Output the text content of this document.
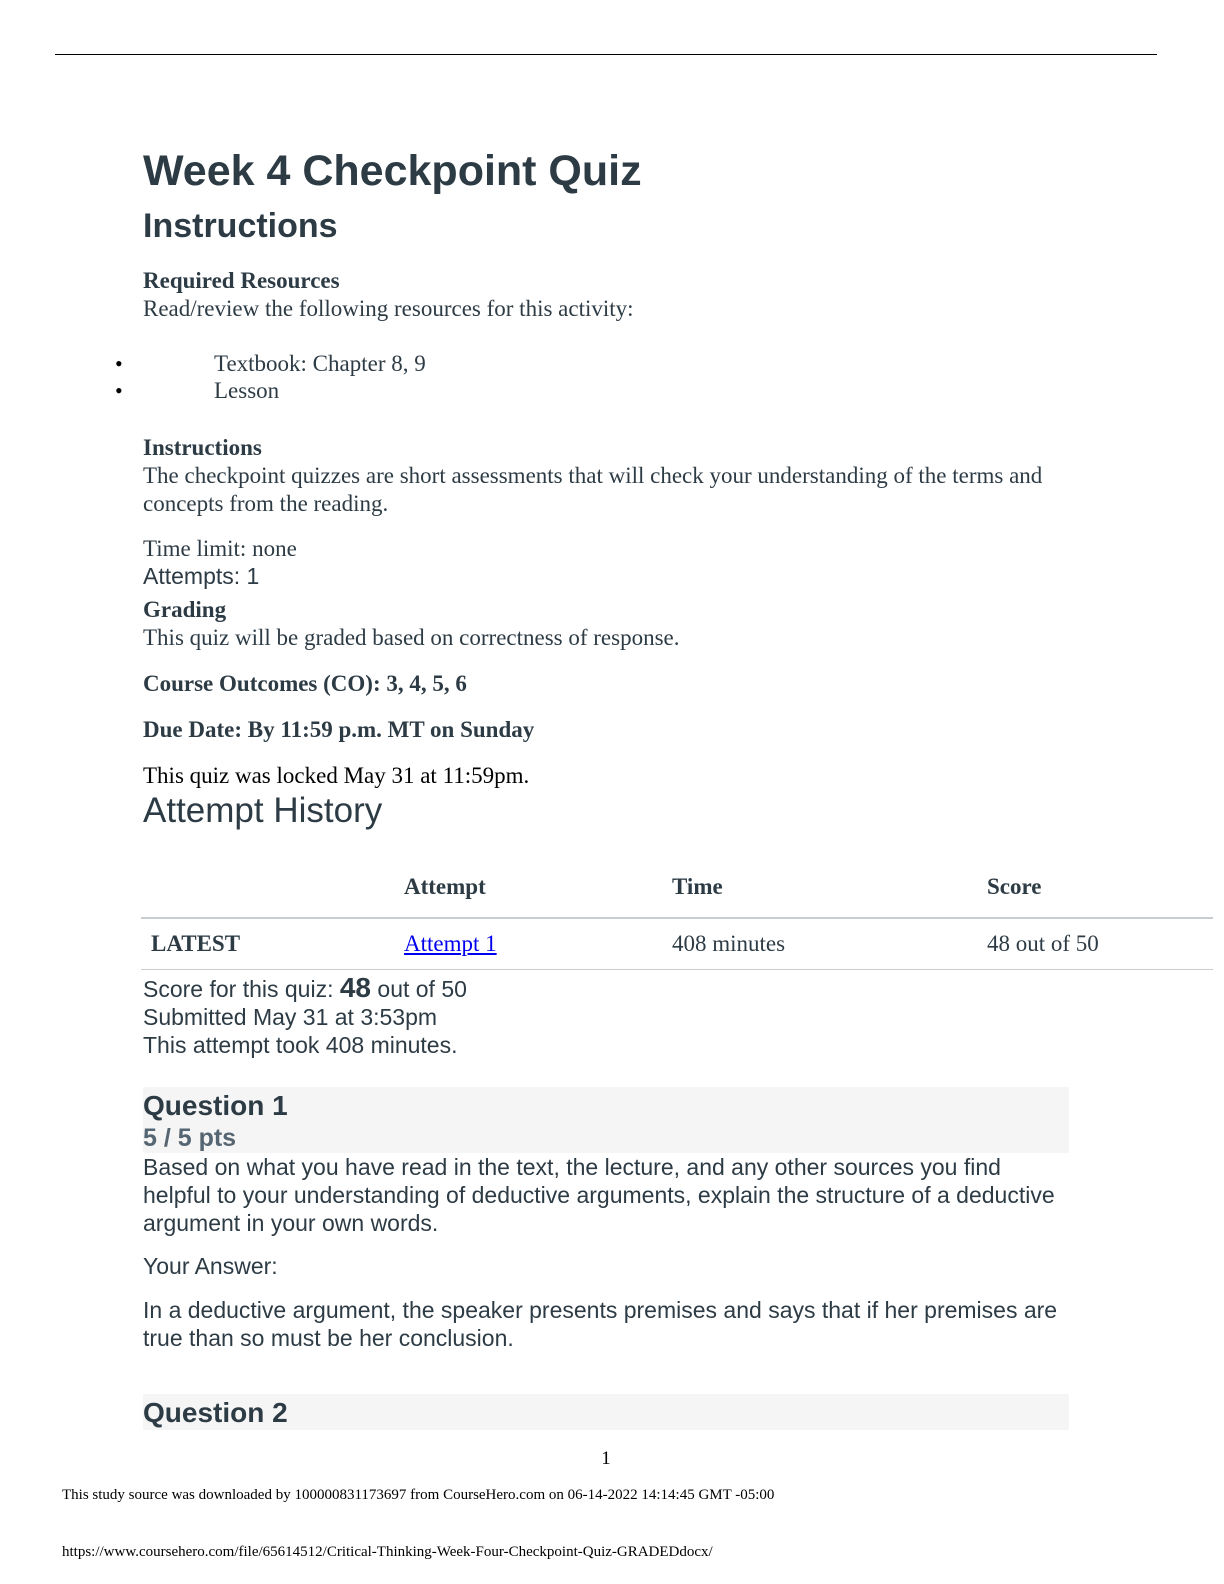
Week 4 Checkpoint Quiz
Instructions
Required Resources
Read/review the following resources for this activity:
•	Textbook: Chapter 8, 9
•	Lesson
Instructions
The checkpoint quizzes are short assessments that will check your understanding of the terms and concepts from the reading.
Time limit: none
Attempts: 1
Grading
This quiz will be graded based on correctness of response.
Course Outcomes (CO): 3, 4, 5, 6
Due Date: By 11:59 p.m. MT on Sunday
This quiz was locked May 31 at 11:59pm.
Attempt History
	Attempt	Time	Score
LATEST	Attempt 1	408 minutes	48 out of 50
Score for this quiz: 48 out of 50
Submitted May 31 at 3:53pm
This attempt took 408 minutes.
Question 1
5 / 5 pts
Based on what you have read in the text, the lecture, and any other sources you find helpful to your understanding of deductive arguments, explain the structure of a deductive argument in your own words.
Your Answer:
In a deductive argument, the speaker presents premises and says that if her premises are true than so must be her conclusion.
Question 2
1
This study source was downloaded by 100000831173697 from CourseHero.com on 06-14-2022 14:14:45 GMT -05:00
https://www.coursehero.com/file/65614512/Critical-Thinking-Week-Four-Checkpoint-Quiz-GRADEDdocx/
